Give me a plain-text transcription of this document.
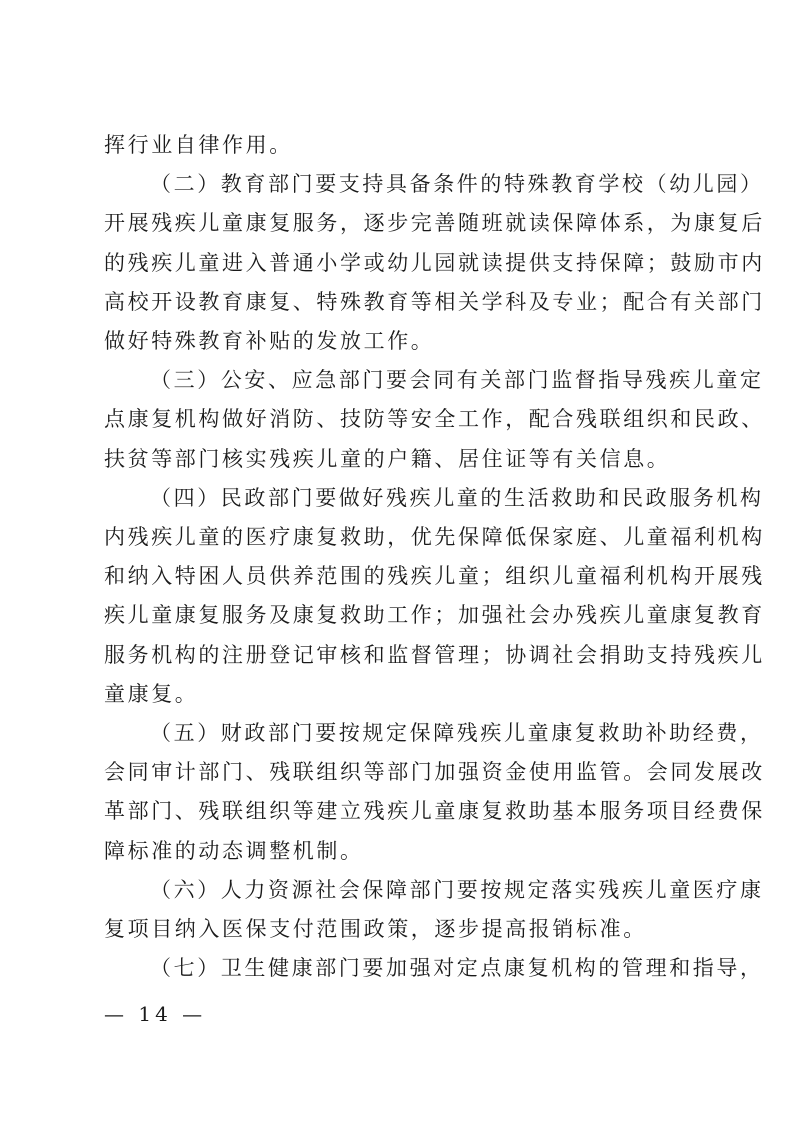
挥行业自律作用。
（二）教育部门要支持具备条件的特殊教育学校（幼儿园）
开展残疾儿童康复服务，逐步完善随班就读保障体系，为康复后
的残疾儿童进入普通小学或幼儿园就读提供支持保障；鼓励市内
高校开设教育康复、特殊教育等相关学科及专业；配合有关部门
做好特殊教育补贴的发放工作。
（三）公安、应急部门要会同有关部门监督指导残疾儿童定
点康复机构做好消防、技防等安全工作，配合残联组织和民政、
扶贫等部门核实残疾儿童的户籍、居住证等有关信息。
（四）民政部门要做好残疾儿童的生活救助和民政服务机构
内残疾儿童的医疗康复救助，优先保障低保家庭、儿童福利机构
和纳入特困人员供养范围的残疾儿童；组织儿童福利机构开展残
疾儿童康复服务及康复救助工作；加强社会办残疾儿童康复教育
服务机构的注册登记审核和监督管理；协调社会捐助支持残疾儿
童康复。
（五）财政部门要按规定保障残疾儿童康复救助补助经费，
会同审计部门、残联组织等部门加强资金使用监管。会同发展改
革部门、残联组织等建立残疾儿童康复救助基本服务项目经费保
障标准的动态调整机制。
（六）人力资源社会保障部门要按规定落实残疾儿童医疗康
复项目纳入医保支付范围政策，逐步提高报销标准。
（七）卫生健康部门要加强对定点康复机构的管理和指导，
— 14 —
